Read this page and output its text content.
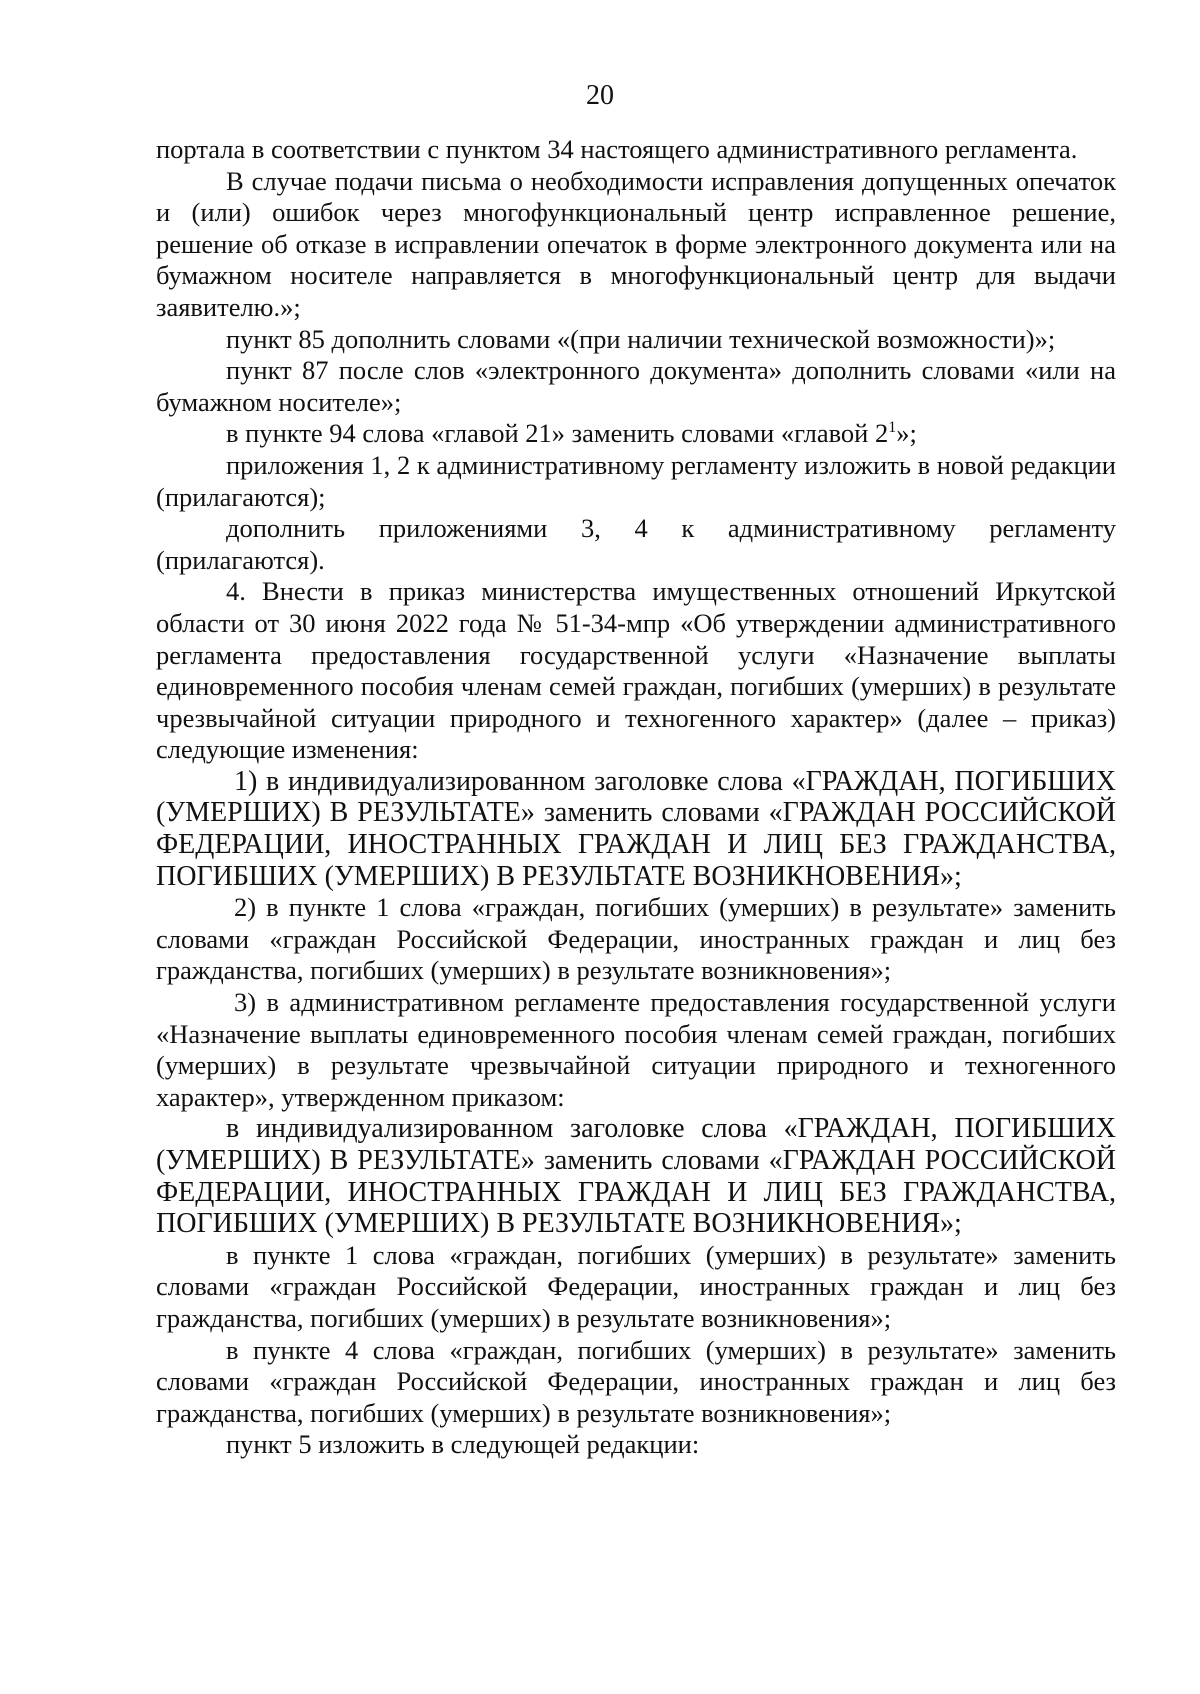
20

портала в соответствии с пунктом 34 настоящего административного регламента.

В случае подачи письма о необходимости исправления допущенных опечаток и (или) ошибок через многофункциональный центр исправленное решение, решение об отказе в исправлении опечаток в форме электронного документа или на бумажном носителе направляется в многофункциональный центр для выдачи заявителю.»;

пункт 85 дополнить словами «(при наличии технической возможности)»;

пункт 87 после слов «электронного документа» дополнить словами «или на бумажном носителе»;

в пункте 94 слова «главой 21» заменить словами «главой $2^1$»;

приложения 1, 2 к административному регламенту изложить в новой редакции (прилагаются);

дополнить приложениями 3, 4 к административному регламенту (прилагаются).

4. Внести в приказ министерства имущественных отношений Иркутской области от 30 июня 2022 года № 51-34-мпр «Об утверждении административного регламента предоставления государственной услуги «Назначение выплаты единовременного пособия членам семей граждан, погибших (умерших) в результате чрезвычайной ситуации природного и техногенного характер» (далее – приказ) следующие изменения:

1) в индивидуализированном заголовке слова «ГРАЖДАН, ПОГИБШИХ (УМЕРШИХ) В РЕЗУЛЬТАТЕ» заменить словами «ГРАЖДАН РОССИЙСКОЙ ФЕДЕРАЦИИ, ИНОСТРАННЫХ ГРАЖДАН И ЛИЦ БЕЗ ГРАЖДАНСТВА, ПОГИБШИХ (УМЕРШИХ) В РЕЗУЛЬТАТЕ ВОЗНИКНОВЕНИЯ»;

2) в пункте 1 слова «граждан, погибших (умерших) в результате» заменить словами «граждан Российской Федерации, иностранных граждан и лиц без гражданства, погибших (умерших) в результате возникновения»;

3) в административном регламенте предоставления государственной услуги «Назначение выплаты единовременного пособия членам семей граждан, погибших (умерших) в результате чрезвычайной ситуации природного и техногенного характер», утвержденном приказом:

в индивидуализированном заголовке слова «ГРАЖДАН, ПОГИБШИХ (УМЕРШИХ) В РЕЗУЛЬТАТЕ» заменить словами «ГРАЖДАН РОССИЙСКОЙ ФЕДЕРАЦИИ, ИНОСТРАННЫХ ГРАЖДАН И ЛИЦ БЕЗ ГРАЖДАНСТВА, ПОГИБШИХ (УМЕРШИХ) В РЕЗУЛЬТАТЕ ВОЗНИКНОВЕНИЯ»;

в пункте 1 слова «граждан, погибших (умерших) в результате» заменить словами «граждан Российской Федерации, иностранных граждан и лиц без гражданства, погибших (умерших) в результате возникновения»;

в пункте 4 слова «граждан, погибших (умерших) в результате» заменить словами «граждан Российской Федерации, иностранных граждан и лиц без гражданства, погибших (умерших) в результате возникновения»;

пункт 5 изложить в следующей редакции:
